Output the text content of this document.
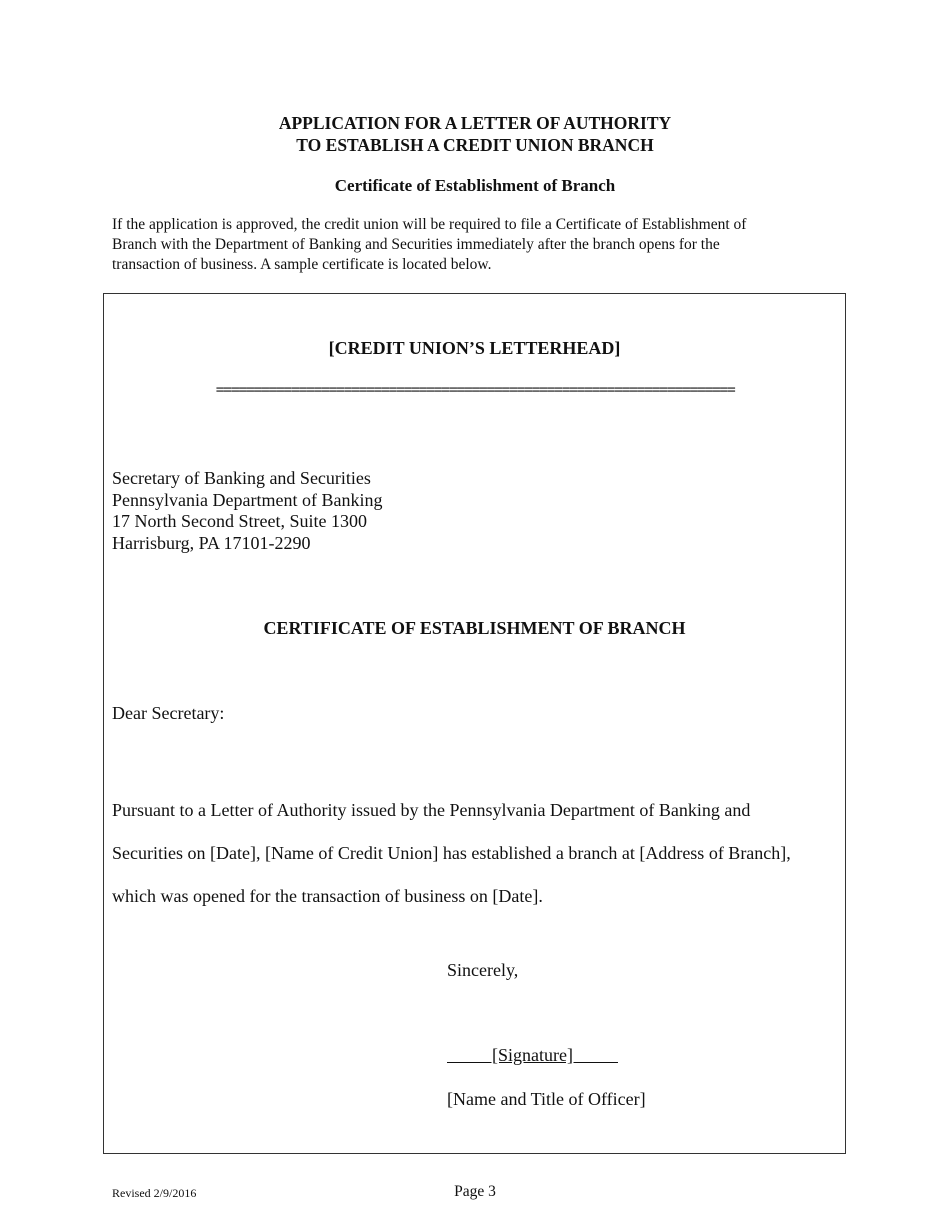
APPLICATION FOR A LETTER OF AUTHORITY
TO ESTABLISH A CREDIT UNION BRANCH
Certificate of Establishment of Branch
If the application is approved, the credit union will be required to file a Certificate of Establishment of
Branch with the Department of Banking and Securities immediately after the branch opens for the
transaction of business. A sample certificate is located below.
[CREDIT UNION’S LETTERHEAD]
=====================================================================
Secretary of Banking and Securities
Pennsylvania Department of Banking
17 North Second Street, Suite 1300
Harrisburg, PA 17101-2290
CERTIFICATE OF ESTABLISHMENT OF BRANCH
Dear Secretary:
Pursuant to a Letter of Authority issued by the Pennsylvania Department of Banking and
Securities on [Date], [Name of Credit Union] has established a branch at [Address of Branch],
which was opened for the transaction of business on [Date].
Sincerely,
[Signature]
[Name and Title of Officer]
Revised 2/9/2016	Page 3
